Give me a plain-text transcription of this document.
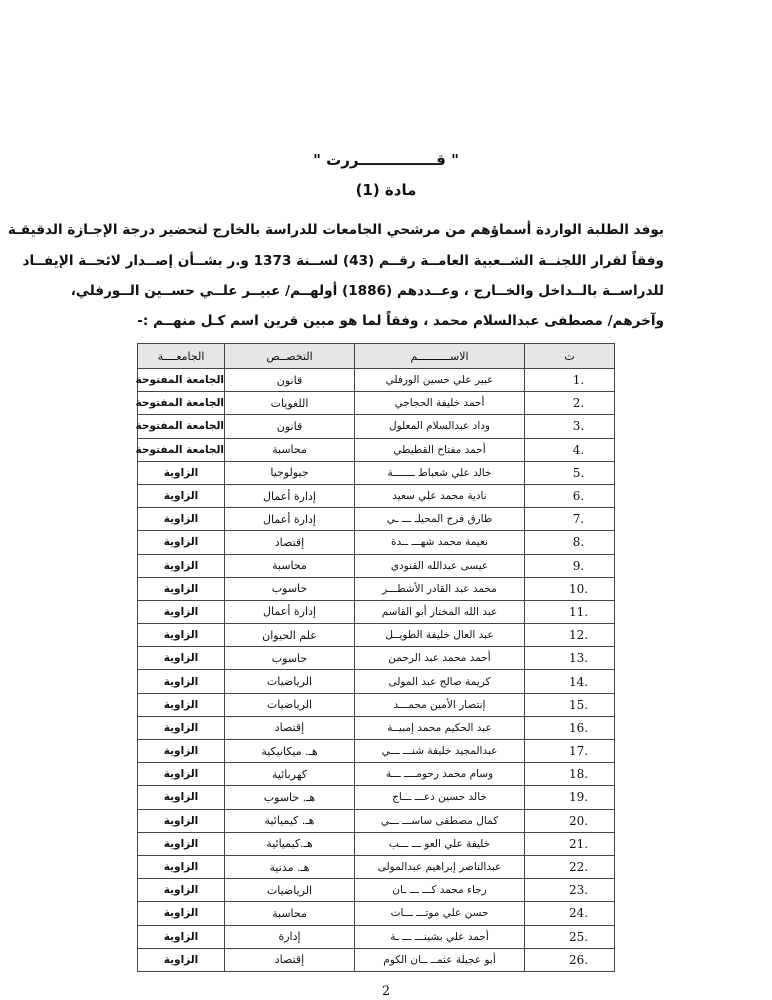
" قـــــــــــــــررت "
مادة (1)
يوفد الطلبة الواردة أسماؤهم من مرشحي الجامعات للدراسة بالخارج لتحضير درجة الإجـازة الدقيقـة
وفقاً لقرار اللجنــة الشــعبية العامــة رقــم (43) لســنة 1373 و.ر بشــأن إصــدار لائحــة الإيفــاد
للدراســة بالــداخل والخــارج ، وعــددهم (1886) أولهــم/ عبيــر علــي حســين الــورفلي،
وآخرهم/ مصطفى عبدالسلام محمد ، وفقاً لما هو مبين قرين اسم كـل منهــم :-
ت	الاســــــــــم	التخصــص	الجامعــــة
1.	عبير علي حسين الورفلي	قانون	الجامعة المفتوحة
2.	أحمد خليفة الحجاجي	اللغويات	الجامعة المفتوحة
3.	وداد عبدالسلام المعلول	قانون	الجامعة المفتوحة
4.	أحمد مفتاح القطيطي	محاسبة	الجامعة المفتوحة
5.	خالد علي شعباط ـــــــة	جيولوجيا	الزاوية
6.	نادية محمد علي سعيد	إدارة أعمال	الزاوية
7.	طارق فرج المحيلـ ـــ ـي	إدارة أعمال	الزاوية
8.	نعيمة محمد شهـــ ــدة	إقتصاد	الزاوية
9.	عيسى عبدالله القنودي	محاسبة	الزاوية
10.	محمد عبد القادر الأشطـــر	حاسوب	الزاوية
11.	عبد الله المختار أبو القاسم	إدارة أعمال	الزاوية
12.	عبد العال خليفة الطويــل	علم الحيوان	الزاوية
13.	أحمد محمد عبد الرحمن	حاسوب	الزاوية
14.	كريمة صالح عبد المولى	الرياضيات	الزاوية
15.	إنتصار الأمين محمـــد	الرياضيات	الزاوية
16.	عبد الحكيم محمد إمبيــة	إقتصاد	الزاوية
17.	عبدالمجيد خليفة شنـــ ـــي	هـ. ميكانيكية	الزاوية
18.	وسام محمد رحومــــ ـــة	كهربائية	الزاوية
19.	خالد حسين دعـــ ـــاج	هـ. حاسوب	الزاوية
20.	كمال مصطفى ساســـ ـــي	هـ. كيميائية	الزاوية
21.	خليفة علي العو ـــ ـــب	هـ.كيميائية	الزاوية
22.	عبدالناصر إبراهيم عبدالمولى	هـ. مدنية	الزاوية
23.	رجاء محمد كـــ ـــ ـان	الرياضيات	الزاوية
24.	حسن علي موتـــ ـــات	محاسبة	الزاوية
25.	أحمد علي بشينـــ ـــ ـة	إدارة	الزاوية
26.	أبو عجيلة عثمــ ــان الكوم	إقتصاد	الزاوية
2
